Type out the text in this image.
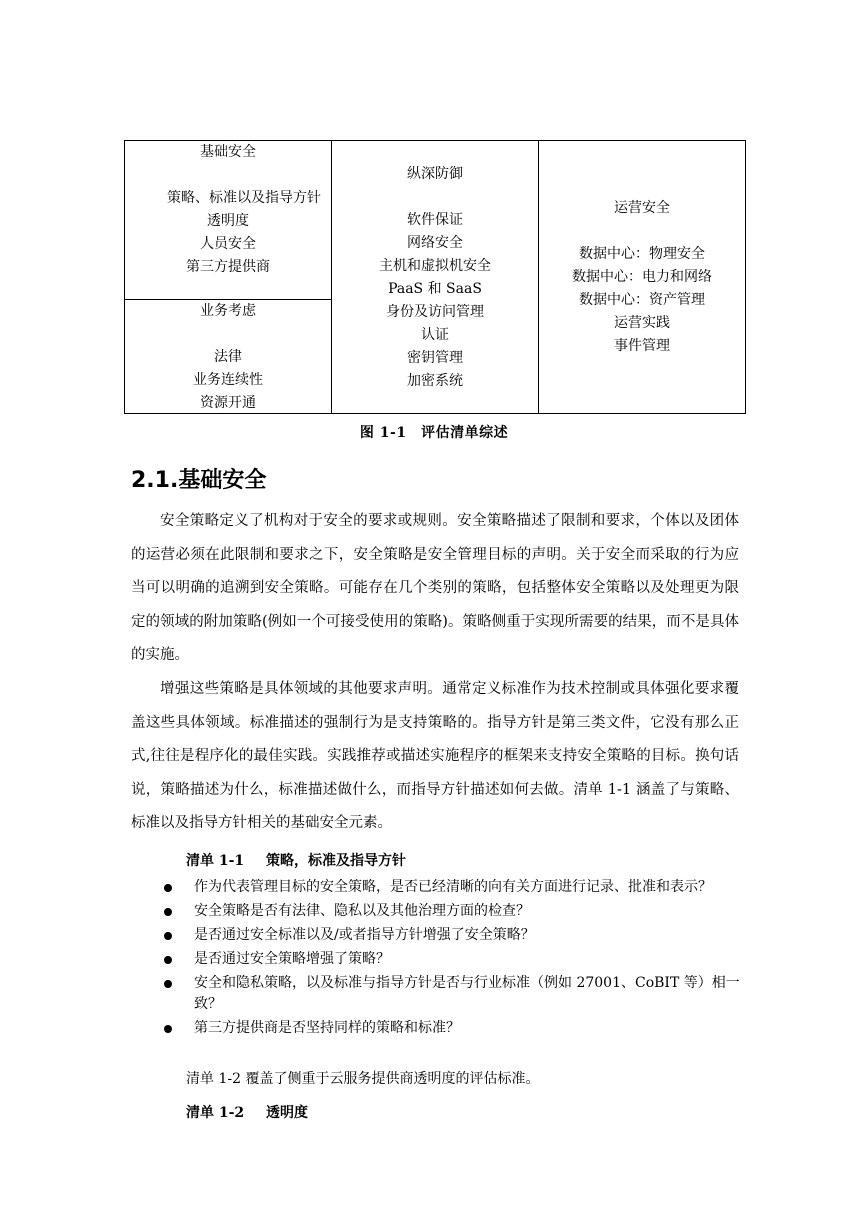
基础安全
策略、标准以及指导方针
透明度
人员安全
第三方提供商
业务考虑
法律
业务连续性
资源开通
纵深防御
软件保证
网络安全
主机和虚拟机安全
PaaS 和 SaaS
身份及访问管理
认证
密钥管理
加密系统
运营安全
数据中心：物理安全
数据中心：电力和网络
数据中心：资产管理
运营实践
事件管理
图 1-1　评估清单综述
2.1.基础安全

安全策略定义了机构对于安全的要求或规则。安全策略描述了限制和要求，个体以及团体的运营必须在此限制和要求之下，安全策略是安全管理目标的声明。关于安全而采取的行为应当可以明确的追溯到安全策略。可能存在几个类别的策略，包括整体安全策略以及处理更为限定的领域的附加策略(例如一个可接受使用的策略)。策略侧重于实现所需要的结果，而不是具体的实施。

增强这些策略是具体领域的其他要求声明。通常定义标准作为技术控制或具体强化要求覆盖这些具体领域。标准描述的强制行为是支持策略的。指导方针是第三类文件，它没有那么正式,往往是程序化的最佳实践。实践推荐或描述实施程序的框架来支持安全策略的目标。换句话说，策略描述为什么，标准描述做什么，而指导方针描述如何去做。清单 1-1 涵盖了与策略、标准以及指导方针相关的基础安全元素。

清单 1-1 策略，标准及指导方针
作为代表管理目标的安全策略，是否已经清晰的向有关方面进行记录、批准和表示？
安全策略是否有法律、隐私以及其他治理方面的检查？
是否通过安全标准以及/或者指导方针增强了安全策略？
是否通过安全策略增强了策略？
安全和隐私策略，以及标准与指导方针是否与行业标准（例如 27001、CoBIT 等）相一致？
第三方提供商是否坚持同样的策略和标准？
清单 1-2 覆盖了侧重于云服务提供商透明度的评估标准。
清单 1-2 透明度
